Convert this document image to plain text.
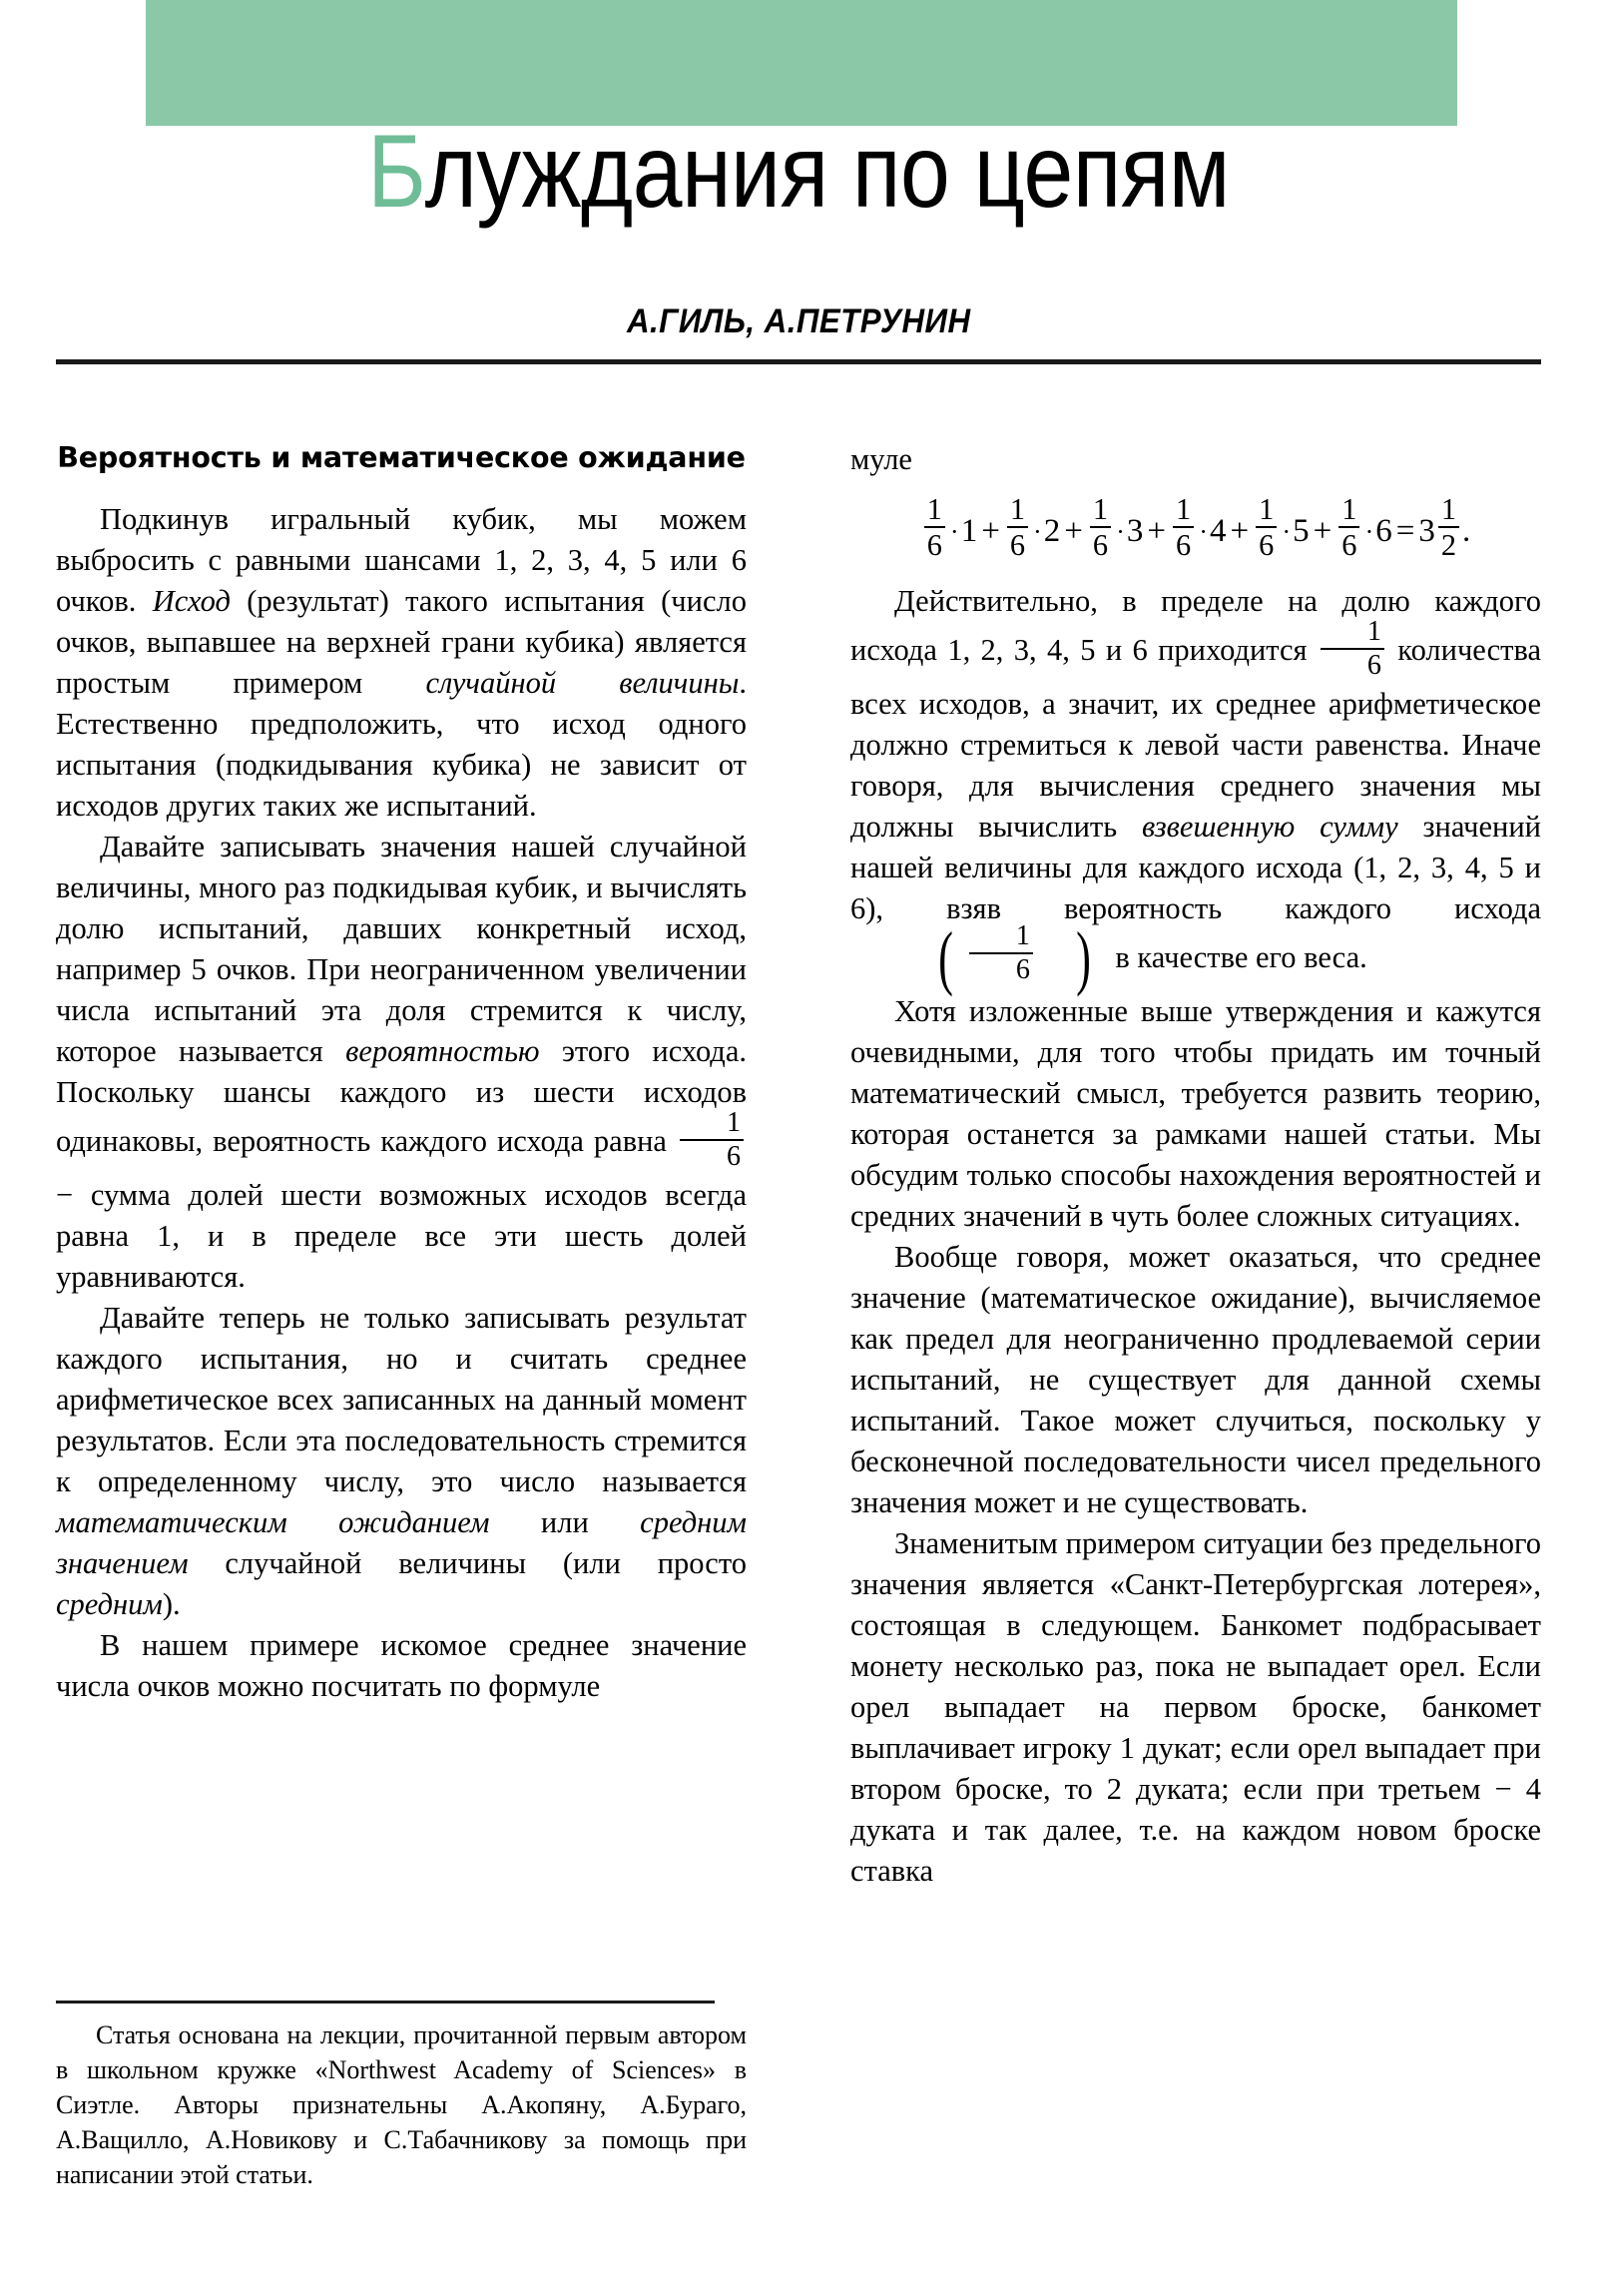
Блуждания по цепям
А.ГИЛЬ, А.ПЕТРУНИН
Вероятность и математическое ожидание

Подкинув игральный кубик, мы можем выбросить с равными шансами 1, 2, 3, 4, 5 или 6 очков. Исход (результат) такого испытания (число очков, выпавшее на верхней грани кубика) является простым примером случайной величины. Естественно предположить, что исход одного испытания (подкидывания кубика) не зависит от исходов других таких же испытаний.

Давайте записывать значения нашей случайной величины, много раз подкидывая кубик, и вычислять долю испытаний, давших конкретный исход, например 5 очков. При неограниченном увеличении числа испытаний эта доля стремится к числу, которое называется вероятностью этого исхода. Поскольку шансы каждого из шести исходов одинаковы, вероятность каждого исхода равна $\frac{1}{6}$
− сумма долей шести возможных исходов всегда равна 1, и в пределе все эти шесть долей уравниваются.

Давайте теперь не только записывать результат каждого испытания, но и считать среднее арифметическое всех записанных на данный момент результатов. Если эта последовательность стремится к определенному числу, это число называется математическим ожиданием или средним значением случайной величины (или просто средним).

В нашем примере искомое среднее значение числа очков можно посчитать по формуле

Статья основана на лекции, прочитанной первым автором в школьном кружке «Northwest Academy of Sciences» в Сиэтле. Авторы признательны А.Акопяну, А.Бураго, А.Ващилло, А.Новикову и С.Табачникову за помощь при написании этой статьи.

муле

$\frac{1}{6} \cdot 1 + \frac{1}{6} \cdot 2 + \frac{1}{6} \cdot 3 + \frac{1}{6} \cdot 4 + \frac{1}{6} \cdot 5 + \frac{1}{6} \cdot 6 = 3 \frac{1}{2}$ .

Действительно, в пределе на долю каждого исхода 1, 2, 3, 4, 5 и 6 приходится $\frac{1}{6}$ количества всех исходов, а значит, их среднее арифметическое должно стремиться к левой части равенства. Иначе говоря, для вычисления среднего значения мы должны вычислить взвешенную сумму значений нашей величины для каждого исхода (1, 2, 3, 4, 5 и 6), взяв вероятность каждого исхода ( $\frac{1}{6}$ ) в качестве его веса.

Хотя изложенные выше утверждения и кажутся очевидными, для того чтобы придать им точный математический смысл, требуется развить теорию, которая останется за рамками нашей статьи. Мы обсудим только способы нахождения вероятностей и средних значений в чуть более сложных ситуациях.

Вообще говоря, может оказаться, что среднее значение (математическое ожидание), вычисляемое как предел для неограниченно продлеваемой серии испытаний, не существует для данной схемы испытаний. Такое может случиться, поскольку у бесконечной последовательности чисел предельного значения может и не существовать.

Знаменитым примером ситуации без предельного значения является «Санкт-Петербургская лотерея», состоящая в следующем. Банкомет подбрасывает монету несколько раз, пока не выпадает орел. Если орел выпадает на первом броске, банкомет выплачивает игроку 1 дукат; если орел выпадает при втором броске, то 2 дуката; если при третьем − 4 дуката и так далее, т.е. на каждом новом броске ставка
